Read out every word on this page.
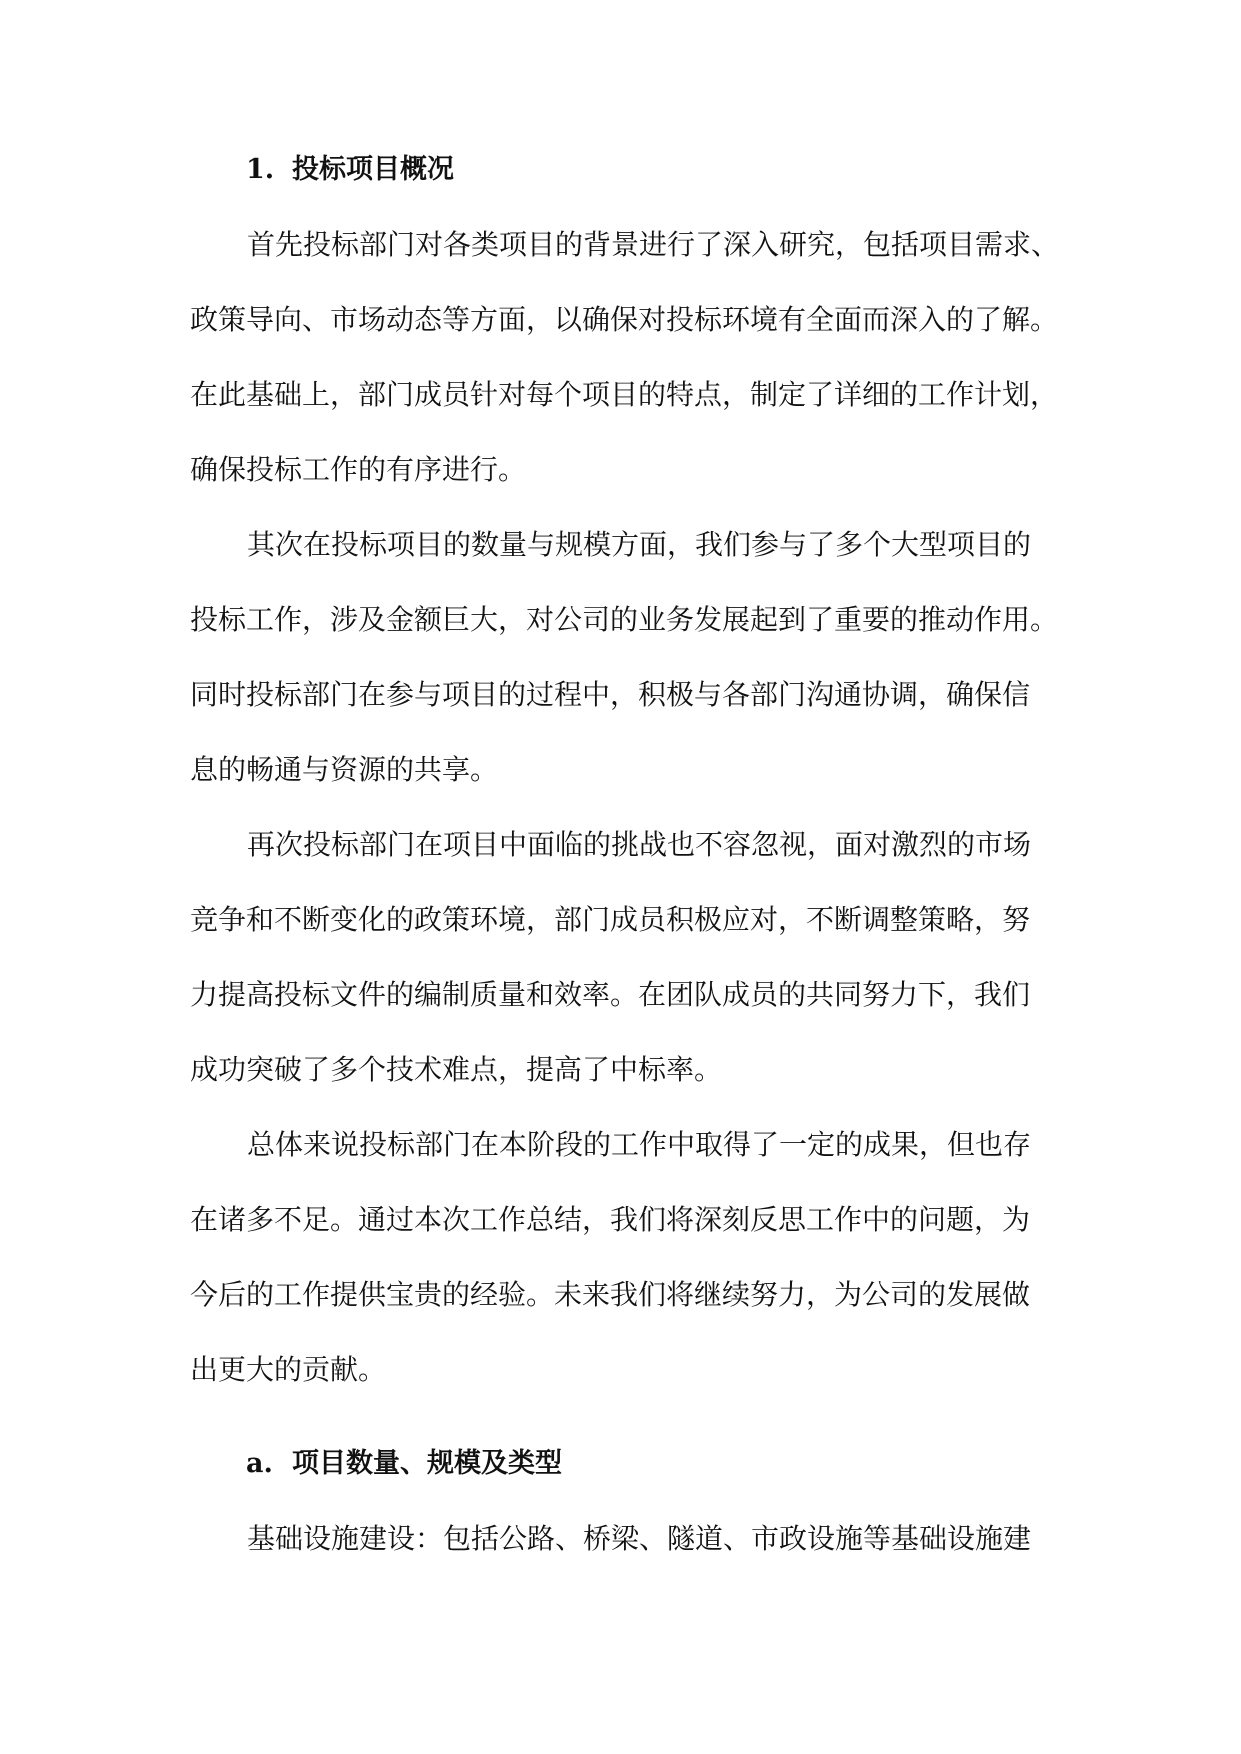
1. 投标项目概况
首先投标部门对各类项目的背景进行了深入研究，包括项目需求、
政策导向、市场动态等方面，以确保对投标环境有全面而深入的了解。
在此基础上，部门成员针对每个项目的特点，制定了详细的工作计划，
确保投标工作的有序进行。
其次在投标项目的数量与规模方面，我们参与了多个大型项目的
投标工作，涉及金额巨大，对公司的业务发展起到了重要的推动作用。
同时投标部门在参与项目的过程中，积极与各部门沟通协调，确保信
息的畅通与资源的共享。
再次投标部门在项目中面临的挑战也不容忽视，面对激烈的市场
竞争和不断变化的政策环境，部门成员积极应对，不断调整策略，努
力提高投标文件的编制质量和效率。在团队成员的共同努力下，我们
成功突破了多个技术难点，提高了中标率。
总体来说投标部门在本阶段的工作中取得了一定的成果，但也存
在诸多不足。通过本次工作总结，我们将深刻反思工作中的问题，为
今后的工作提供宝贵的经验。未来我们将继续努力，为公司的发展做
出更大的贡献。
a. 项目数量、规模及类型
基础设施建设：包括公路、桥梁、隧道、市政设施等基础设施建
